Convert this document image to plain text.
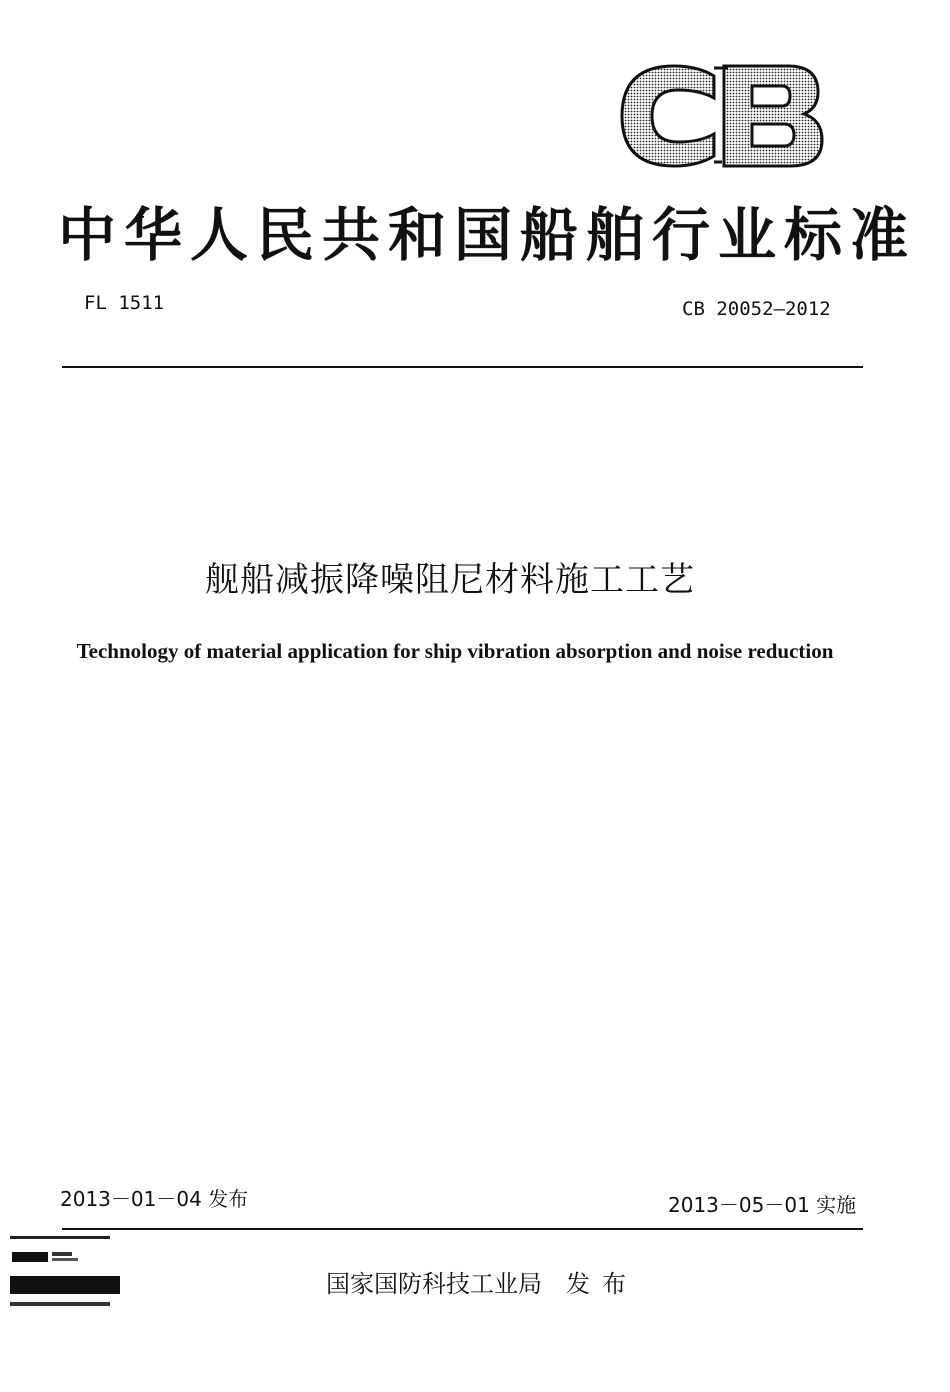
中华人民共和国船舶行业标准
FL 1511	CB 20052—2012
舰船减振降噪阻尼材料施工工艺
Technology of material application for ship vibration absorption and noise reduction
2013－01－04 发布	2013－05－01 实施
国家国防科技工业局 发布
